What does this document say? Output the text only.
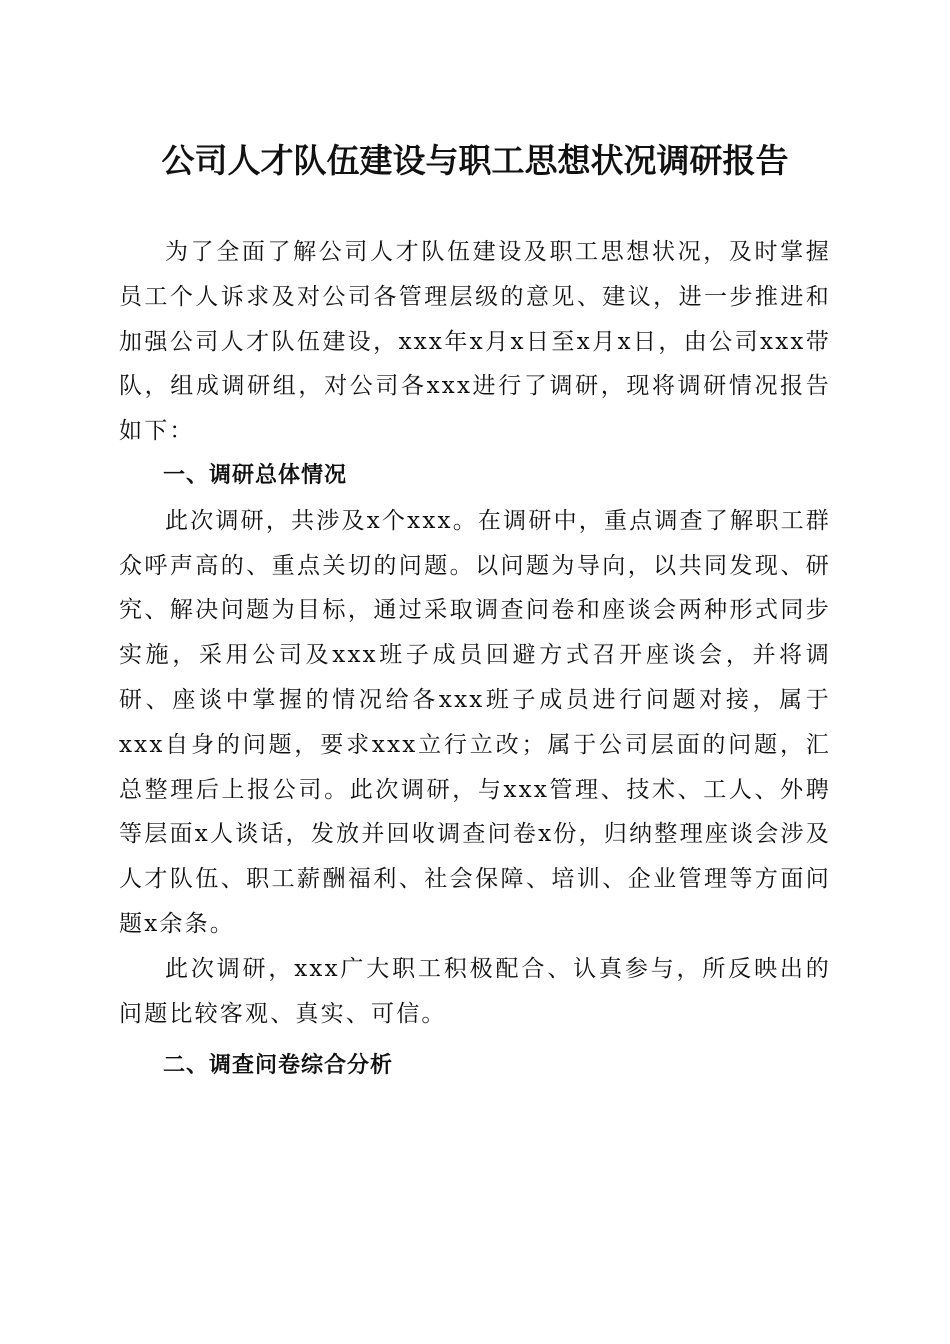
公司人才队伍建设与职工思想状况调研报告

为了全面了解公司人才队伍建设及职工思想状况，及时掌握员工个人诉求及对公司各管理层级的意见、建议，进一步推进和加强公司人才队伍建设，xxx年x月x日至x月x日，由公司xxx带队，组成调研组，对公司各xxx进行了调研，现将调研情况报告如下：

一、调研总体情况

此次调研，共涉及x个xxx。在调研中，重点调查了解职工群众呼声高的、重点关切的问题。以问题为导向，以共同发现、研究、解决问题为目标，通过采取调查问卷和座谈会两种形式同步实施，采用公司及xxx班子成员回避方式召开座谈会，并将调研、座谈中掌握的情况给各xxx班子成员进行问题对接，属于xxx自身的问题，要求xxx立行立改；属于公司层面的问题，汇总整理后上报公司。此次调研，与xxx管理、技术、工人、外聘等层面x人谈话，发放并回收调查问卷x份，归纳整理座谈会涉及人才队伍、职工薪酬福利、社会保障、培训、企业管理等方面问题x余条。

此次调研，xxx广大职工积极配合、认真参与，所反映出的问题比较客观、真实、可信。

二、调查问卷综合分析
